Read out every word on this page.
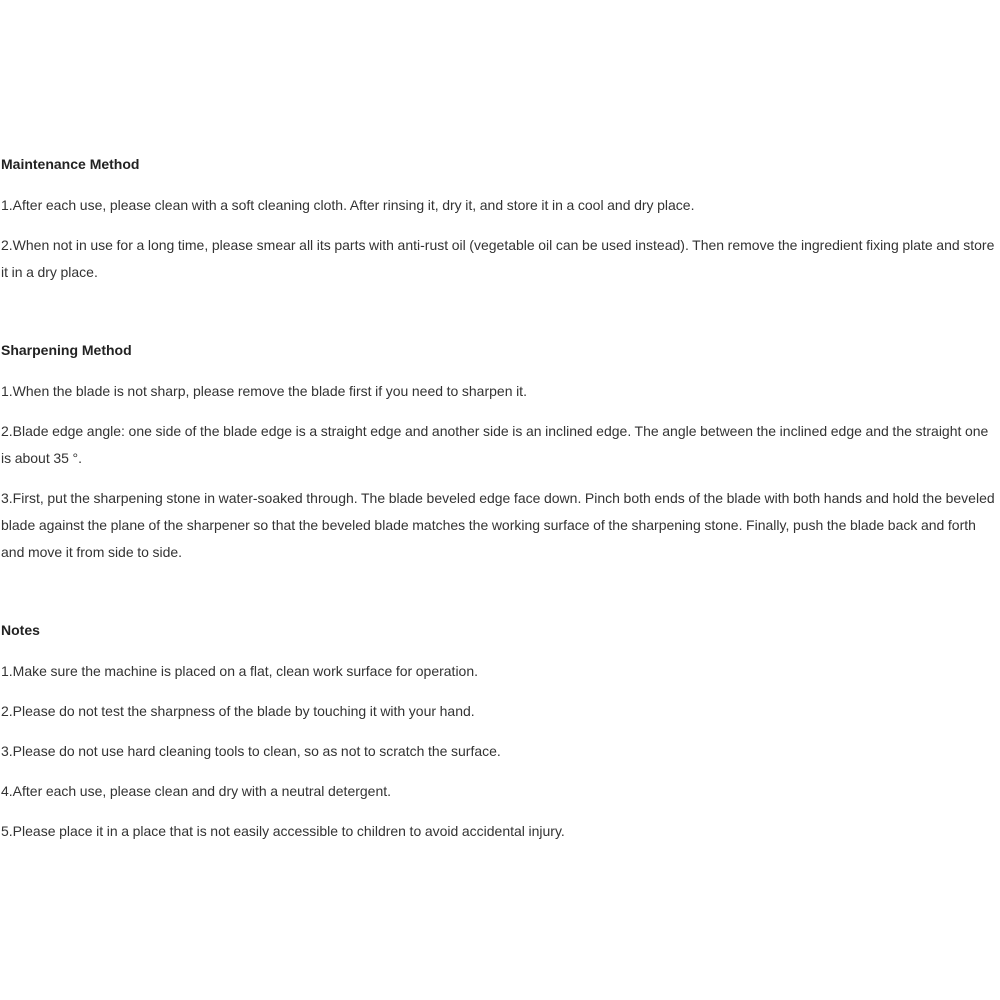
Maintenance Method

1.After each use, please clean with a soft cleaning cloth. After rinsing it, dry it, and store it in a cool and dry place.

2.When not in use for a long time, please smear all its parts with anti-rust oil (vegetable oil can be used instead). Then remove the ingredient fixing plate and store it in a dry place.

Sharpening Method

1.When the blade is not sharp, please remove the blade first if you need to sharpen it.

2.Blade edge angle: one side of the blade edge is a straight edge and another side is an inclined edge. The angle between the inclined edge and the straight one is about 35 °.

3.First, put the sharpening stone in water-soaked through. The blade beveled edge face down. Pinch both ends of the blade with both hands and hold the beveled blade against the plane of the sharpener so that the beveled blade matches the working surface of the sharpening stone. Finally, push the blade back and forth and move it from side to side.

Notes

1.Make sure the machine is placed on a flat, clean work surface for operation.

2.Please do not test the sharpness of the blade by touching it with your hand.

3.Please do not use hard cleaning tools to clean, so as not to scratch the surface.

4.After each use, please clean and dry with a neutral detergent.

5.Please place it in a place that is not easily accessible to children to avoid accidental injury.
